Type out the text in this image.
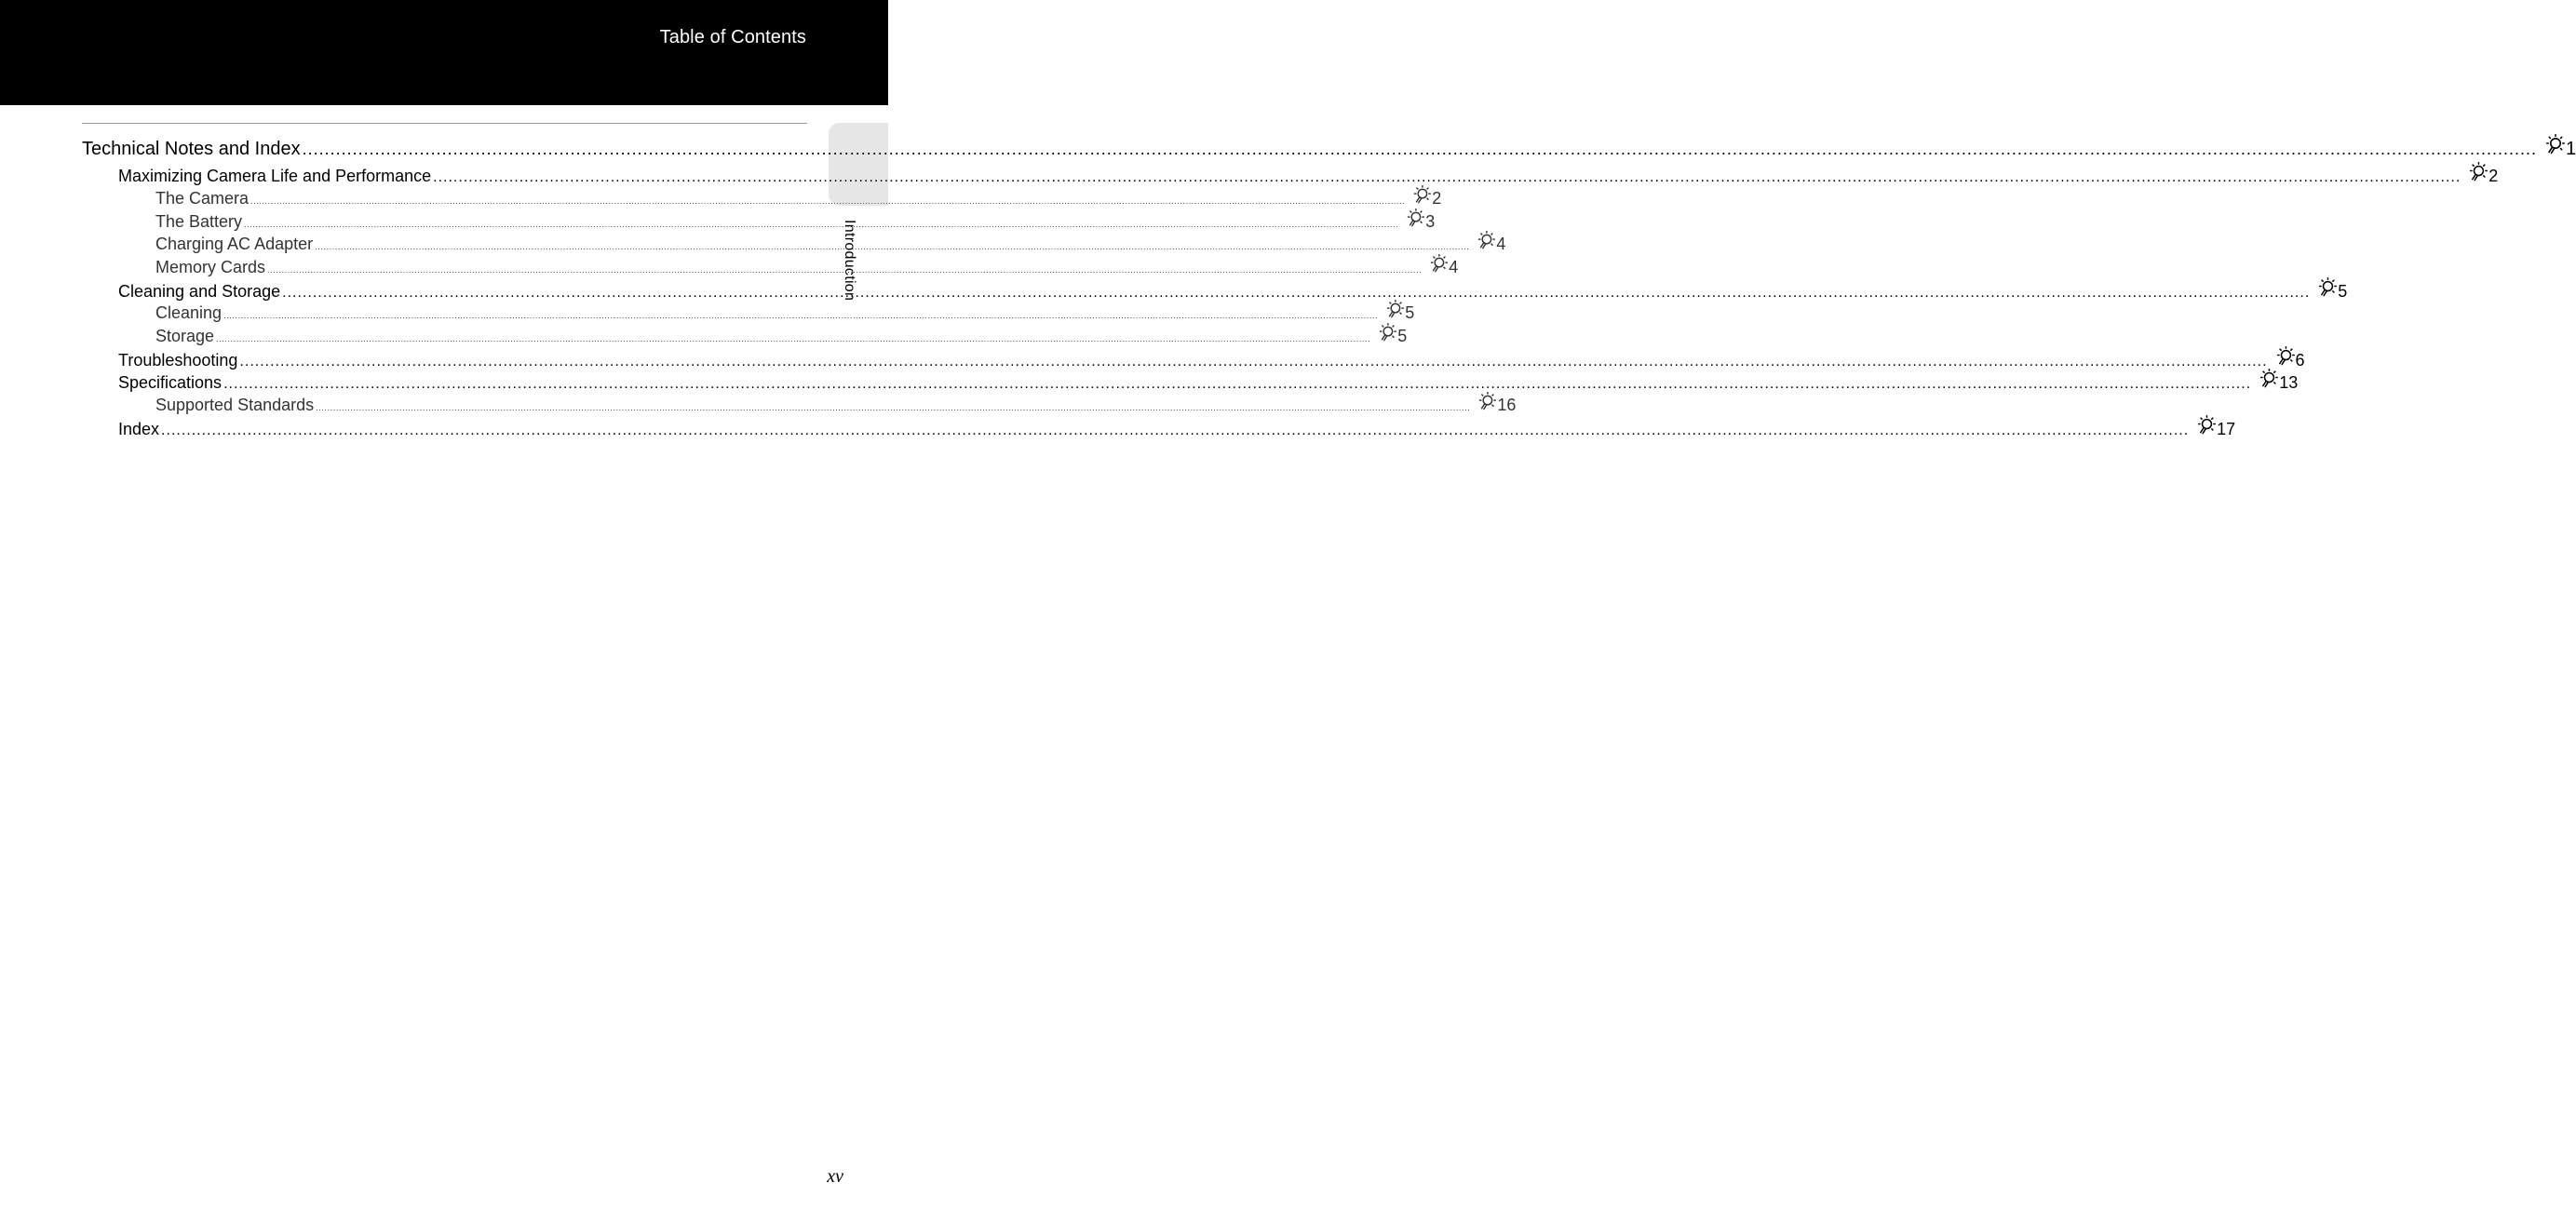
Table of Contents
Introduction
Technical Notes and Index ................................................................................................................................................................................................................................................................................................................................................................................................................ 1
Maximizing Camera Life and Performance ................................................................................................................................................................................................................................................................................................................................................................................................................ 2
The Camera ................................................................................................................................................................................................................................................................................................................................................................................................................ 2
The Battery ................................................................................................................................................................................................................................................................................................................................................................................................................ 3
Charging AC Adapter ................................................................................................................................................................................................................................................................................................................................................................................................................ 4
Memory Cards ................................................................................................................................................................................................................................................................................................................................................................................................................ 4
Cleaning and Storage ................................................................................................................................................................................................................................................................................................................................................................................................................ 5
Cleaning ................................................................................................................................................................................................................................................................................................................................................................................................................ 5
Storage ................................................................................................................................................................................................................................................................................................................................................................................................................ 5
Troubleshooting ................................................................................................................................................................................................................................................................................................................................................................................................................ 6
Specifications ................................................................................................................................................................................................................................................................................................................................................................................................................ 13
Supported Standards ................................................................................................................................................................................................................................................................................................................................................................................................................ 16
Index ................................................................................................................................................................................................................................................................................................................................................................................................................ 17
xv
